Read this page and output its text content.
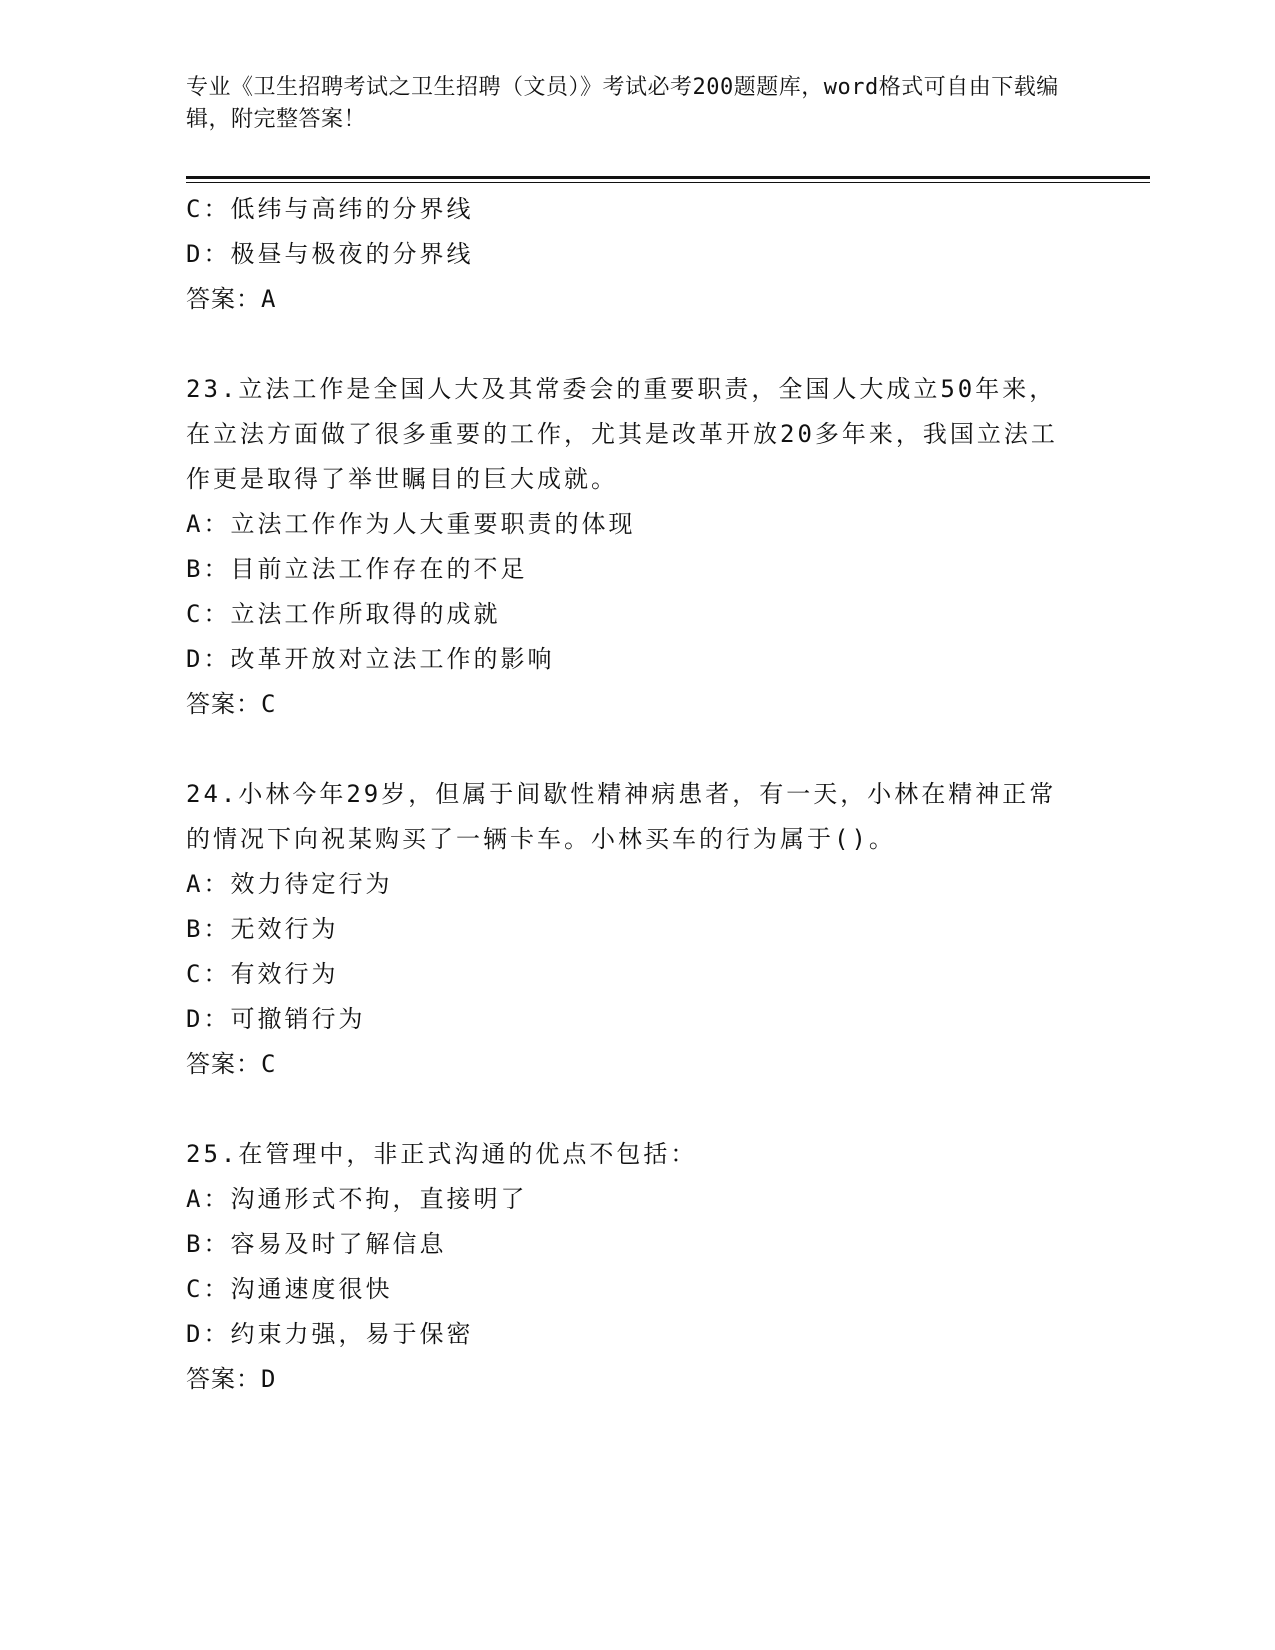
专业《卫生招聘考试之卫生招聘（文员）》考试必考200题题库，word格式可自由下载编辑，附完整答案！
C：低纬与高纬的分界线
D：极昼与极夜的分界线
答案：A
23.立法工作是全国人大及其常委会的重要职责，全国人大成立50年来，在立法方面做了很多重要的工作，尤其是改革开放20多年来，我国立法工作更是取得了举世瞩目的巨大成就。
A：立法工作作为人大重要职责的体现
B：目前立法工作存在的不足
C：立法工作所取得的成就
D：改革开放对立法工作的影响
答案：C
24.小林今年29岁，但属于间歇性精神病患者，有一天，小林在精神正常的情况下向祝某购买了一辆卡车。小林买车的行为属于()。
A：效力待定行为
B：无效行为
C：有效行为
D：可撤销行为
答案：C
25.在管理中，非正式沟通的优点不包括：
A：沟通形式不拘，直接明了
B：容易及时了解信息
C：沟通速度很快
D：约束力强，易于保密
答案：D
